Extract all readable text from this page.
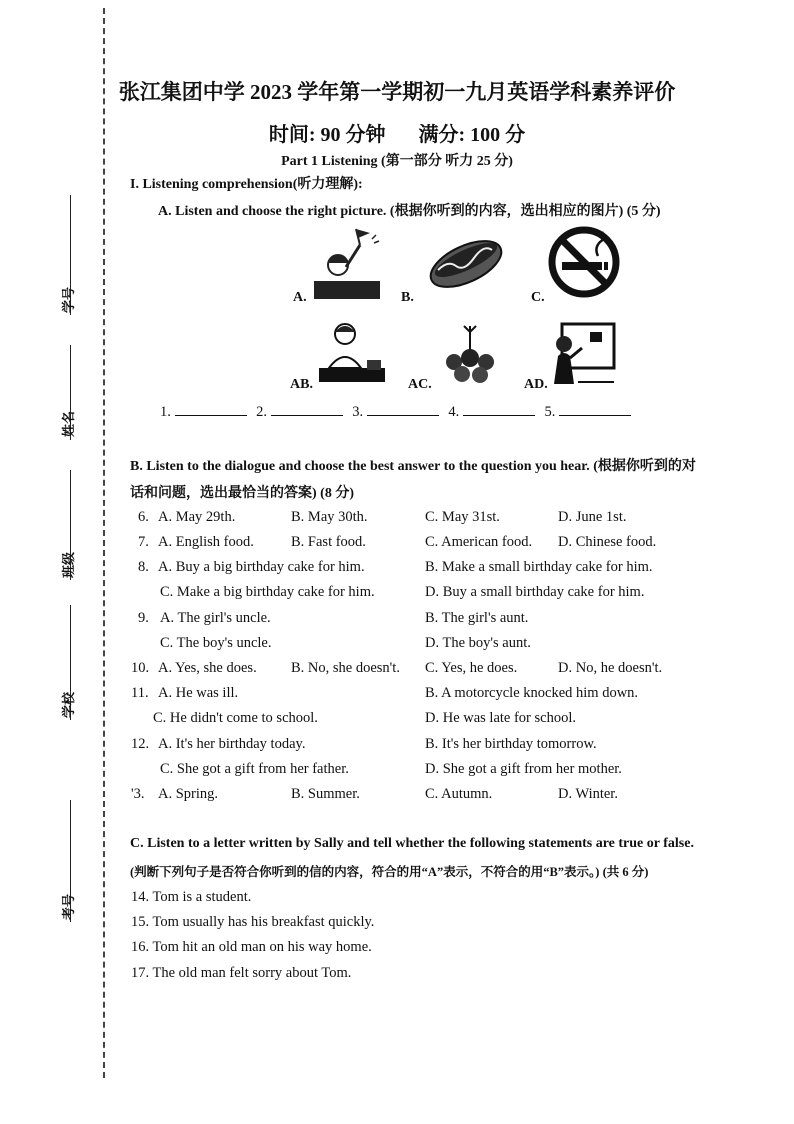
学号
姓名
班级
学校
考号
张江集团中学 2023 学年第一学期初一九月英语学科素养评价
时间: 90 分钟 满分: 100 分
Part 1 Listening (第一部分 听力 25 分)
I. Listening comprehension(听力理解):
A. Listen and choose the right picture. (根据你听到的内容，选出相应的图片) (5 分)
A.	B.	C.
AB.	AC.	AD.
1.	2.	3.	4.	5.
B. Listen to the dialogue and choose the best answer to the question you hear. (根据你听到的对
话和问题，选出最恰当的答案) (8 分)
6. A. May 29th.	B. May 30th.	C. May 31st.	D. June 1st.
7. A. English food.	B. Fast food.	C. American food. D. Chinese food.
8. A. Buy a big birthday cake for him.	B. Make a small birthday cake for him.
C. Make a big birthday cake for him.	D. Buy a small birthday cake for him.
9. A. The girl's uncle.	B. The girl's aunt.
C. The boy's uncle.	D. The boy's aunt.
10. A. Yes, she does. B. No, she doesn't. C. Yes, he does.	D. No, he doesn't.
11. A. He was ill.	B. A motorcycle knocked him down.
C. He didn't come to school.	D. He was late for school.
12. A. It's her birthday today.	B. It's her birthday tomorrow.
C. She got a gift from her father.	D. She got a gift from her mother.
'3. A. Spring.	B. Summer.	C. Autumn.	D. Winter.
C. Listen to a letter written by Sally and tell whether the following statements are true or false.
(判断下列句子是否符合你听到的信的内容，符合的用“A”表示，不符合的用“B”表示。) (共 6 分)
14. Tom is a student.
15. Tom usually has his breakfast quickly.
16. Tom hit an old man on his way home.
17. The old man felt sorry about Tom.
